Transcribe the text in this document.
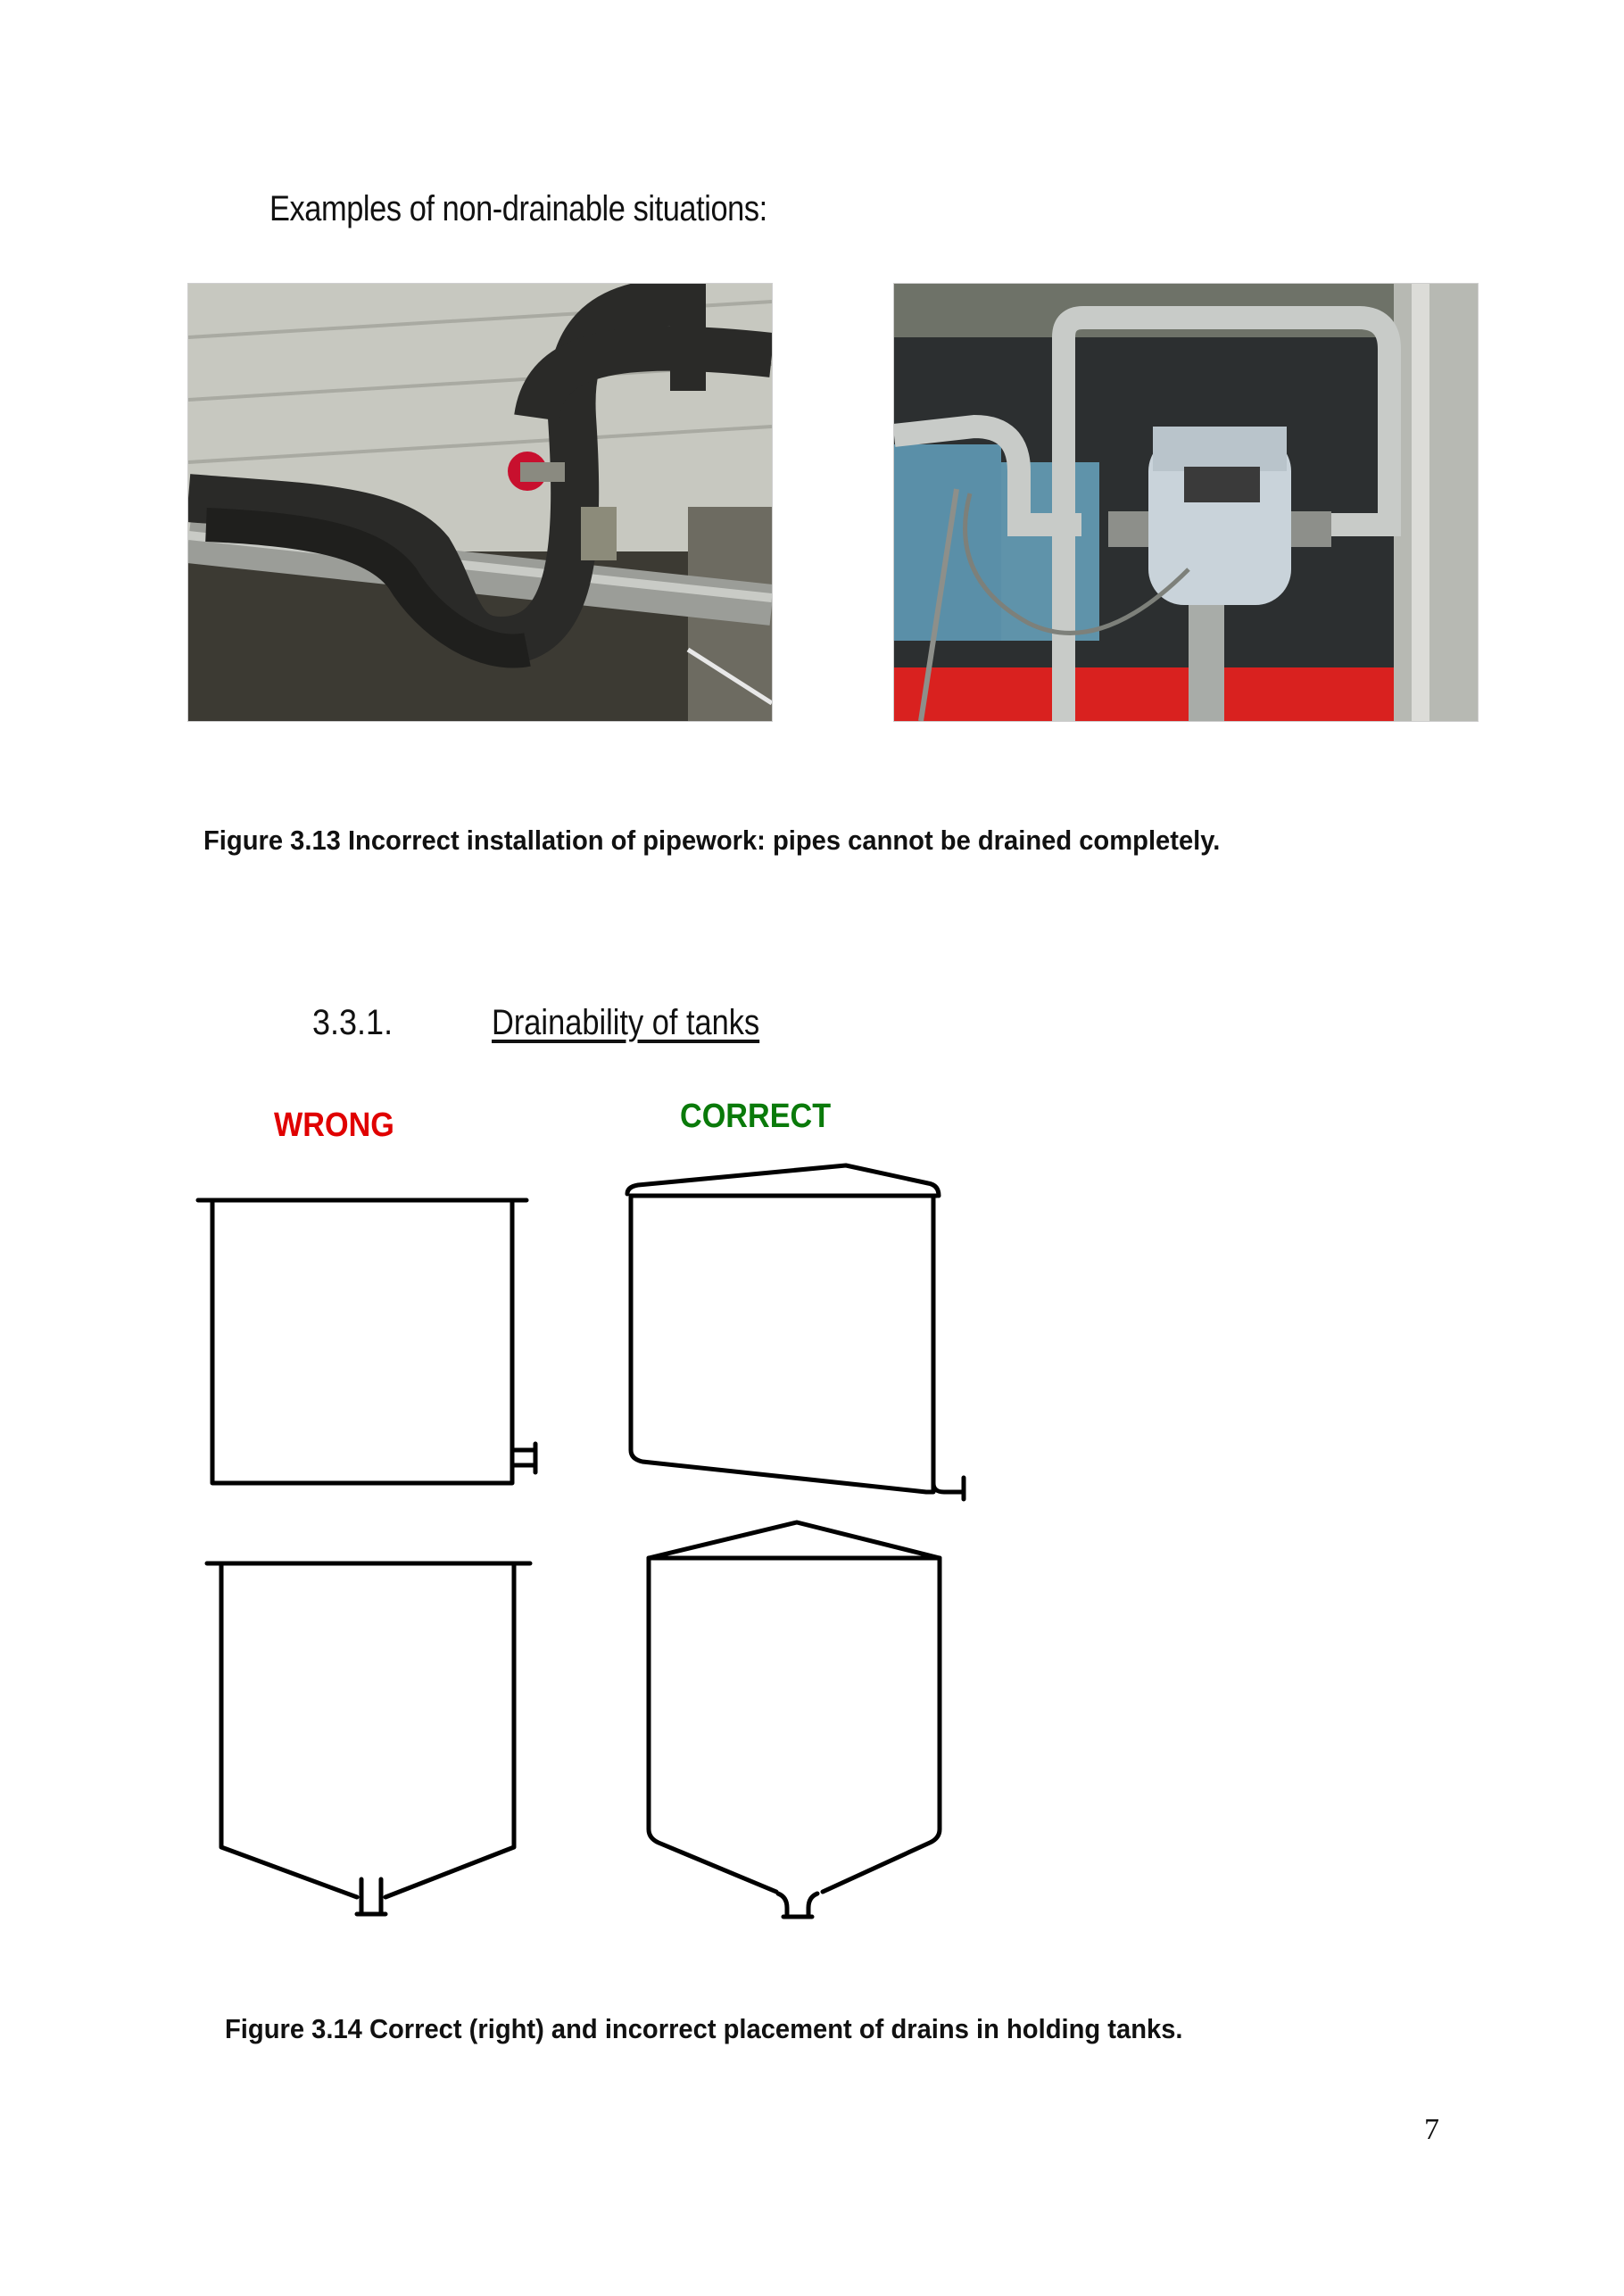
Examples of non-drainable situations:
Figure 3.13 Incorrect installation of pipework: pipes cannot be drained completely.
3.3.1.	Drainability of tanks
WRONG	CORRECT
Figure 3.14 Correct (right) and incorrect placement of drains in holding tanks.
7
